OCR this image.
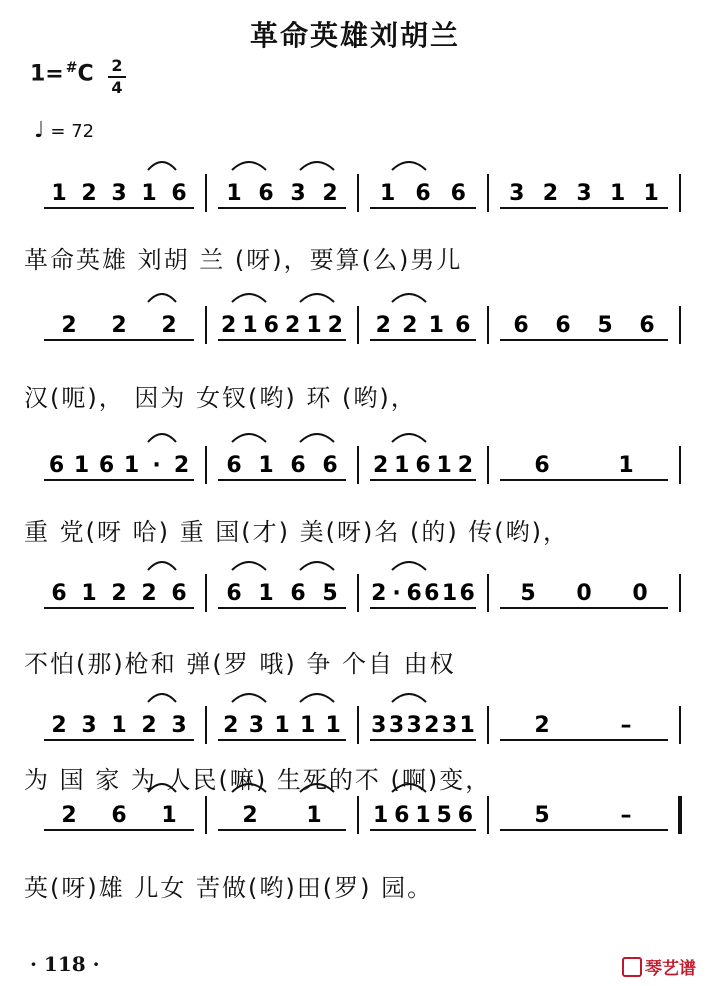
革命英雄刘胡兰
1= #C 2
4
♩ = 72
1 2 3 1 6 1 6 3 2 1 6 6 3 2 3 1 1
2 2 2 2 1 6 2 1 2 2 2 1 6 6 6 5 6
6 1 6 1 · 2 6 1 6 6 2 1 6 1 2	6	1
6 1 2 2 6 6 1 6 5 2 · 6 6 1 6 5 0 0
2 3 1 2 3 2 3 1 1 1 3 3 3 2 3 1	2	–
2 6 1	2 1 1 6 1 5 6	5	–
革命英雄 刘胡 兰 (呀)，要算(么)男儿
汉(呃)， 因为 女钗(哟) 环 (哟)，
重 党(呀 哈) 重 国(才) 美(呀)名 (的) 传(哟)，
不怕(那)枪和 弹(罗 哦) 争 个自 由权
为 国 家 为 人民(嘛) 生死的不 (啊)变，
英(呀)雄 儿女 苦做(哟)田(罗) 园。
· 118 ·	琴艺谱
